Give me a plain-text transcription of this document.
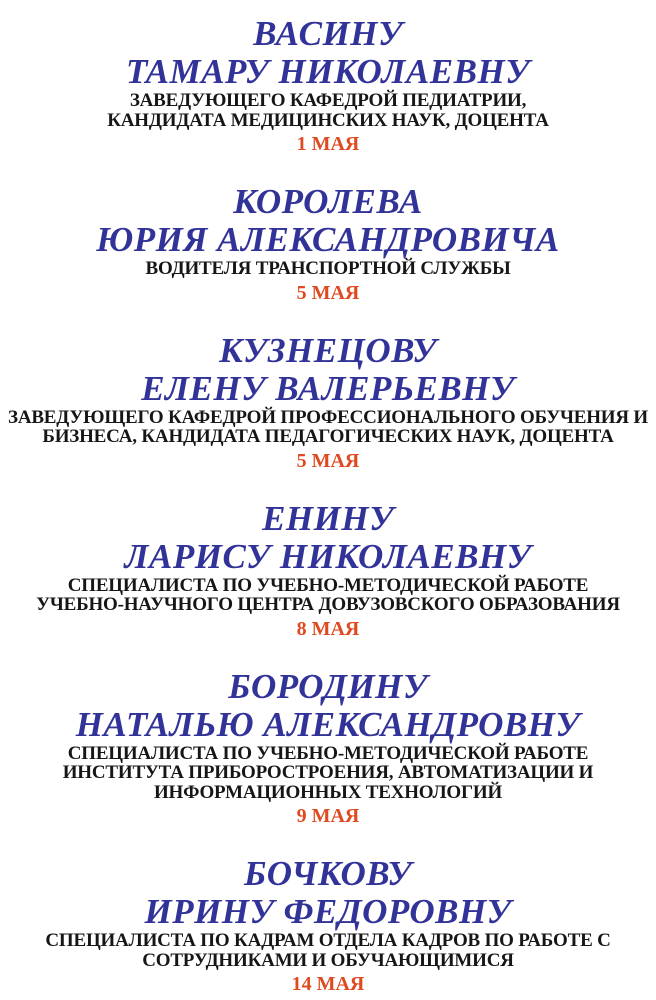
ВАСИНУ
ТАМАРУ НИКОЛАЕВНУ
ЗАВЕДУЮЩЕГО КАФЕДРОЙ ПЕДИАТРИИ,
КАНДИДАТА МЕДИЦИНСКИХ НАУК, ДОЦЕНТА
1 МАЯ
КОРОЛЕВА
ЮРИЯ АЛЕКСАНДРОВИЧА
ВОДИТЕЛЯ ТРАНСПОРТНОЙ СЛУЖБЫ
5 МАЯ
КУЗНЕЦОВУ
ЕЛЕНУ ВАЛЕРЬЕВНУ
ЗАВЕДУЮЩЕГО КАФЕДРОЙ ПРОФЕССИОНАЛЬНОГО ОБУЧЕНИЯ И
БИЗНЕСА, КАНДИДАТА ПЕДАГОГИЧЕСКИХ НАУК, ДОЦЕНТА
5 МАЯ
ЕНИНУ
ЛАРИСУ НИКОЛАЕВНУ
СПЕЦИАЛИСТА ПО УЧЕБНО-МЕТОДИЧЕСКОЙ РАБОТЕ
УЧЕБНО-НАУЧНОГО ЦЕНТРА ДОВУЗОВСКОГО ОБРАЗОВАНИЯ
8 МАЯ
БОРОДИНУ
НАТАЛЬЮ АЛЕКСАНДРОВНУ
СПЕЦИАЛИСТА ПО УЧЕБНО-МЕТОДИЧЕСКОЙ РАБОТЕ
ИНСТИТУТА ПРИБОРОСТРОЕНИЯ, АВТОМАТИЗАЦИИ И
ИНФОРМАЦИОННЫХ ТЕХНОЛОГИЙ
9 МАЯ
БОЧКОВУ
ИРИНУ ФЕДОРОВНУ
СПЕЦИАЛИСТА ПО КАДРАМ ОТДЕЛА КАДРОВ ПО РАБОТЕ С
СОТРУДНИКАМИ И ОБУЧАЮЩИМИСЯ
14 МАЯ
